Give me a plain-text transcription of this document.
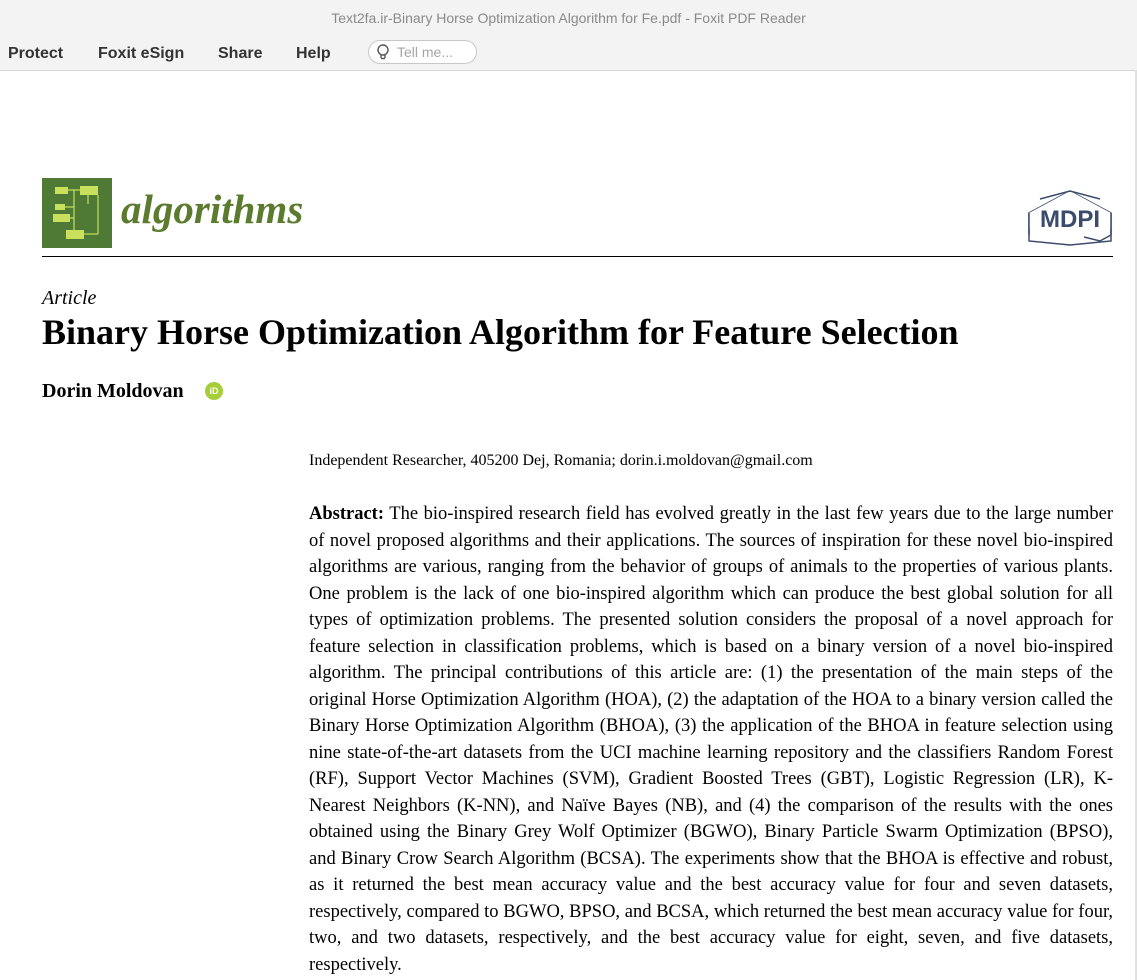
Text2fa.ir-Binary Horse Optimization Algorithm for Fe.pdf - Foxit PDF Reader
Protect Foxit eSign Share Help
Tell me...
algorithms	MDPI
Article
Binary Horse Optimization Algorithm for Feature Selection
Dorin Moldovan	iD
Independent Researcher, 405200 Dej, Romania; dorin.i.moldovan@gmail.com

Abstract: The bio-inspired research field has evolved greatly in the last few years due to the large number of novel proposed algorithms and their applications. The sources of inspiration for these novel bio-inspired algorithms are various, ranging from the behavior of groups of animals to the properties of various plants. One problem is the lack of one bio-inspired algorithm which can produce the best global solution for all types of optimization problems. The presented solution considers the proposal of a novel approach for feature selection in classification problems, which is based on a binary version of a novel bio-inspired algorithm. The principal contributions of this article are: (1) the presentation of the main steps of the original Horse Optimization Algorithm (HOA), (2) the adaptation of the HOA to a binary version called the Binary Horse Optimization Algorithm (BHOA), (3) the application of the BHOA in feature selection using nine state-of-the-art datasets from the UCI machine learning repository and the classifiers Random Forest (RF), Support Vector Machines (SVM), Gradient Boosted Trees (GBT), Logistic Regression (LR), K-Nearest Neighbors (K-NN), and Naïve Bayes (NB), and (4) the comparison of the results with the ones obtained using the Binary Grey Wolf Optimizer (BGWO), Binary Particle Swarm Optimization (BPSO), and Binary Crow Search Algorithm (BCSA). The experiments show that the BHOA is effective and robust, as it returned the best mean accuracy value and the best accuracy value for four and seven datasets, respectively, compared to BGWO, BPSO, and BCSA, which returned the best mean accuracy value for four, two, and two datasets, respectively, and the best accuracy value for eight, seven, and five datasets, respectively.
